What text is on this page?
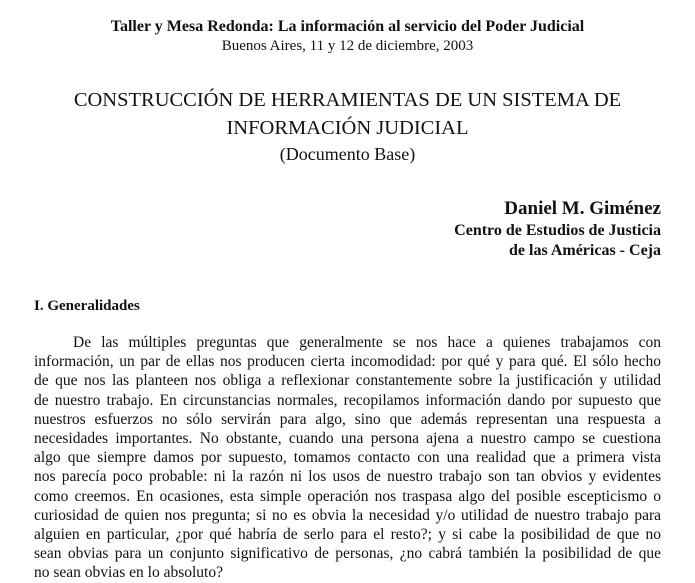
Taller y Mesa Redonda: La información al servicio del Poder Judicial
Buenos Aires, 11 y 12 de diciembre, 2003
CONSTRUCCIÓN DE HERRAMIENTAS DE UN SISTEMA DE
INFORMACIÓN JUDICIAL
(Documento Base)
Daniel M. Giménez
Centro de Estudios de Justicia
de las Américas - Ceja
I. Generalidades
De las múltiples preguntas que generalmente se nos hace a quienes trabajamos con
información, un par de ellas nos producen cierta incomodidad: por qué y para qué. El sólo hecho
de que nos las planteen nos obliga a reflexionar constantemente sobre la justificación y utilidad
de nuestro trabajo. En circunstancias normales, recopilamos información dando por supuesto que
nuestros esfuerzos no sólo servirán para algo, sino que además representan una respuesta a
necesidades importantes. No obstante, cuando una persona ajena a nuestro campo se cuestiona
algo que siempre damos por supuesto, tomamos contacto con una realidad que a primera vista
nos parecía poco probable: ni la razón ni los usos de nuestro trabajo son tan obvios y evidentes
como creemos. En ocasiones, esta simple operación nos traspasa algo del posible escepticismo o
curiosidad de quien nos pregunta; si no es obvia la necesidad y/o utilidad de nuestro trabajo para
alguien en particular, ¿por qué habría de serlo para el resto?; y si cabe la posibilidad de que no
sean obvias para un conjunto significativo de personas, ¿no cabrá también la posibilidad de que
no sean obvias en lo absoluto?
